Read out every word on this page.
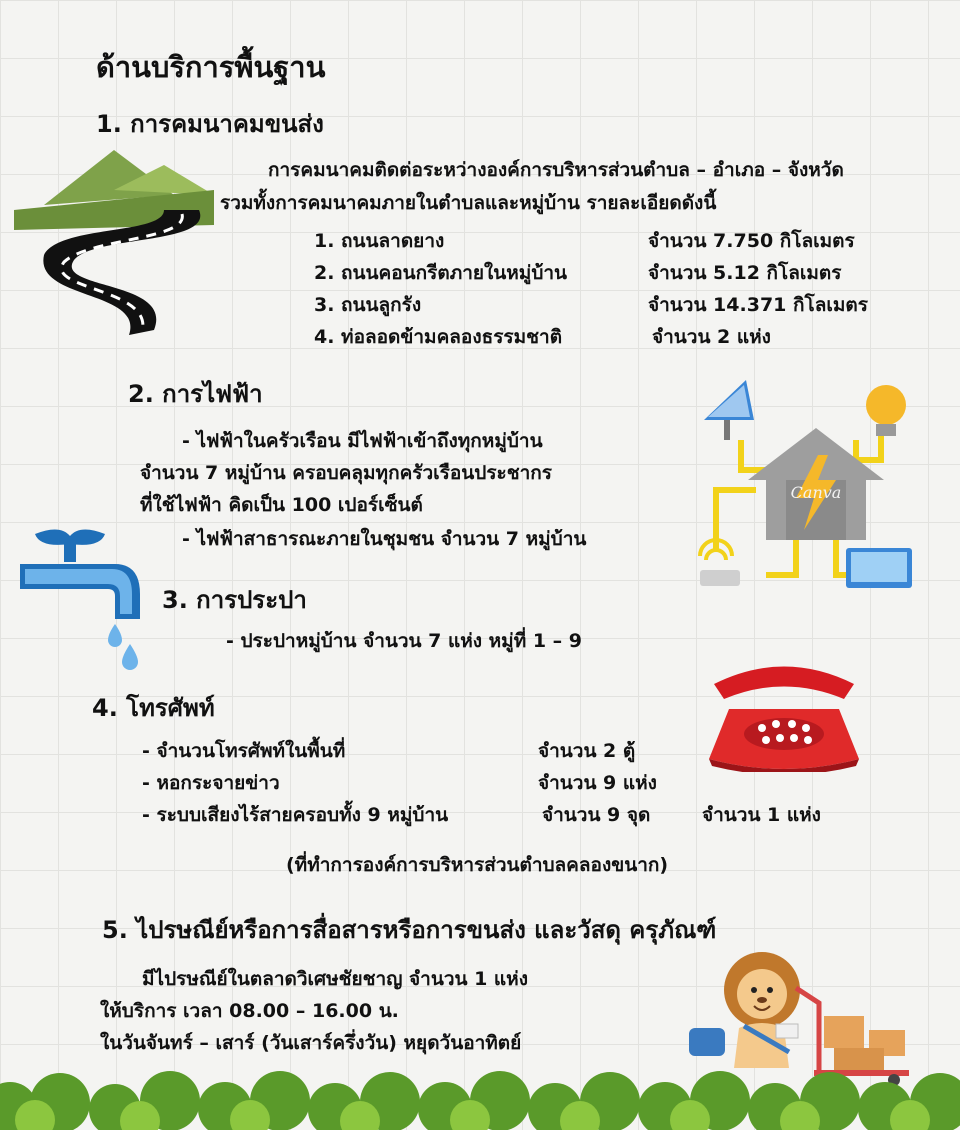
ด้านบริการพื้นฐาน
1. การคมนาคมขนส่ง
การคมนาคมติดต่อระหว่างองค์การบริหารส่วนตำบล – อำเภอ – จังหวัด
รวมทั้งการคมนาคมภายในตำบลและหมู่บ้าน รายละเอียดดังนี้
1. ถนนลาดยาง	จำนวน 7.750 กิโลเมตร
2. ถนนคอนกรีตภายในหมู่บ้าน	จำนวน 5.12 กิโลเมตร
3. ถนนลูกรัง	จำนวน 14.371 กิโลเมตร
4. ท่อลอดข้ามคลองธรรมชาติ	จำนวน 2 แห่ง
2. การไฟฟ้า
- ไฟฟ้าในครัวเรือน มีไฟฟ้าเข้าถึงทุกหมู่บ้าน
จำนวน 7 หมู่บ้าน ครอบคลุมทุกครัวเรือนประชากร
ที่ใช้ไฟฟ้า คิดเป็น 100 เปอร์เซ็นต์
- ไฟฟ้าสาธารณะภายในชุมชน จำนวน 7 หมู่บ้าน
Canva
3. การประปา
- ประปาหมู่บ้าน จำนวน 7 แห่ง หมู่ที่ 1 – 9
4. โทรศัพท์
- จำนวนโทรศัพท์ในพื้นที่	จำนวน 2 ตู้
- หอกระจายข่าว	จำนวน 9 แห่ง
- ระบบเสียงไร้สายครอบทั้ง 9 หมู่บ้าน	จำนวน 9 จุด	จำนวน 1 แห่ง
(ที่ทำการองค์การบริหารส่วนตำบลคลองขนาก)
5. ไปรษณีย์หรือการสื่อสารหรือการขนส่ง และวัสดุ ครุภัณฑ์
มีไปรษณีย์ในตลาดวิเศษชัยชาญ จำนวน 1 แห่ง
ให้บริการ เวลา 08.00 – 16.00 น.
ในวันจันทร์ – เสาร์ (วันเสาร์ครึ่งวัน) หยุดวันอาทิตย์
